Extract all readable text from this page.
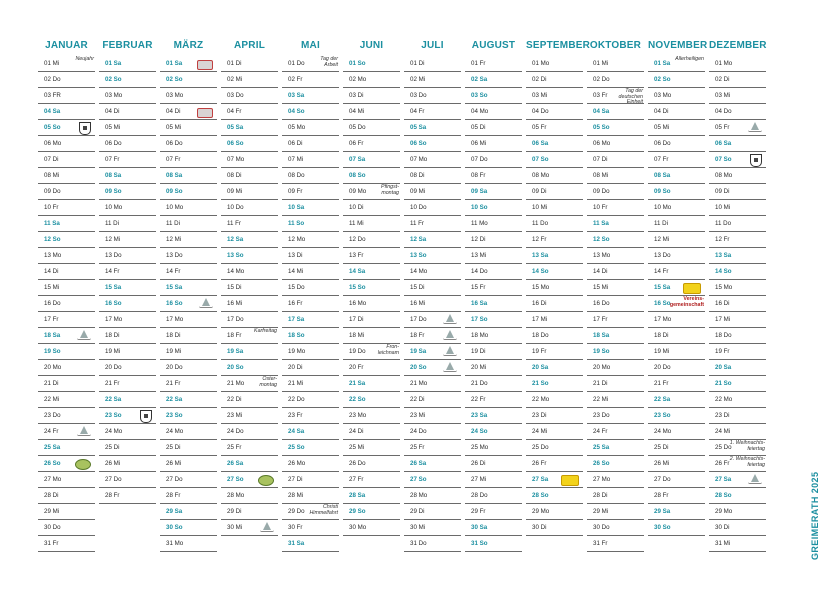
JANUAR
01 Mi
Neujahr
02 Do
03 FR
04 Sa
05 So
06 Mo
07 Di
08 Mi
09 Do
10 Fr
11 Sa
12 So
13 Mo
14 Di
15 Mi
16 Do
17 Fr
18 Sa
19 So
20 Mo
21 Di
22 Mi
23 Do
24 Fr
25 Sa
26 So
27 Mo
28 Di
29 Mi
30 Do
31 Fr
FEBRUAR
01 Sa
02 So
03 Mo
04 Di
05 Mi
06 Do
07 Fr
08 Sa
09 So
10 Mo
11 Di
12 Mi
13 Do
14 Fr
15 Sa
16 So
17 Mo
18 Di
19 Mi
20 Do
21 Fr
22 Sa
23 So
24 Mo
25 Di
26 Mi
27 Do
28 Fr
MÄRZ
01 Sa
02 So
03 Mo
04 Di
05 Mi
06 Do
07 Fr
08 Sa
09 So
10 Mo
11 Di
12 Mi
13 Do
14 Fr
15 Sa
16 So
17 Mo
18 Di
19 Mi
20 Do
21 Fr
22 Sa
23 So
24 Mo
25 Di
26 Mi
27 Do
28 Fr
29 Sa
30 So
31 Mo
APRIL
01 Di
02 Mi
03 Do
04 Fr
05 Sa
06 So
07 Mo
08 Di
09 Mi
10 Do
11 Fr
12 Sa
13 So
14 Mo
15 Di
16 Mi
17 Do
18 Fr
Karfreitag
19 Sa
20 So
21 Mo
Oster-
montag
22 Di
23 Mi
24 Do
25 Fr
26 Sa
27 So
28 Mo
29 Di
30 Mi
MAI
01 Do
Tag der
Arbeit
02 Fr
03 Sa
04 So
05 Mo
06 Di
07 Mi
08 Do
09 Fr
10 Sa
11 So
12 Mo
13 Di
14 Mi
15 Do
16 Fr
17 Sa
18 So
19 Mo
20 Di
21 Mi
22 Do
23 Fr
24 Sa
25 So
26 Mo
27 Di
28 Mi
29 Do
Christi
Himmelfahrt
30 Fr
31 Sa
JUNI
01 So
02 Mo
03 Di
04 Mi
05 Do
06 Fr
07 Sa
08 So
09 Mo
Pfingst-
montag
10 Di
11 Mi
12 Do
13 Fr
14 Sa
15 So
16 Mo
17 Di
18 Mi
19 Do
Fron-
leichnam
20 Fr
21 Sa
22 So
23 Mo
24 Di
25 Mi
26 Do
27 Fr
28 Sa
29 So
30 Mo
JULI
01 Di
02 Mi
03 Do
04 Fr
05 Sa
06 So
07 Mo
08 Di
09 Mi
10 Do
11 Fr
12 Sa
13 So
14 Mo
15 Di
16 Mi
17 Do
18 Fr
19 Sa
20 So
21 Mo
22 Di
23 Mi
24 Do
25 Fr
26 Sa
27 So
28 Mo
29 Di
30 Mi
31 Do
AUGUST
01 Fr
02 Sa
03 So
04 Mo
05 Di
06 Mi
07 Do
08 Fr
09 Sa
10 So
11 Mo
12 Di
13 Mi
14 Do
15 Fr
16 Sa
17 So
18 Mo
19 Di
20 Mi
21 Do
22 Fr
23 Sa
24 So
25 Mo
26 Di
27 Mi
28 Do
29 Fr
30 Sa
31 So
SEPTEMBER
01 Mo
02 Di
03 Mi
04 Do
05 Fr
06 Sa
07 So
08 Mo
09 Di
10 Mi
11 Do
12 Fr
13 Sa
14 So
15 Mo
16 Di
17 Mi
18 Do
19 Fr
20 Sa
21 So
22 Mo
23 Di
24 Mi
25 Do
26 Fr
27 Sa
28 So
29 Mo
30 Di
OKTOBER
01 Mi
02 Do
03 Fr
Tag der
deutschen
Einheit
04 Sa
05 So
06 Mo
07 Di
08 Mi
09 Do
10 Fr
11 Sa
12 So
13 Mo
14 Di
15 Mi
16 Do
17 Fr
18 Sa
19 So
20 Mo
21 Di
22 Mi
23 Do
24 Fr
25 Sa
26 So
27 Mo
28 Di
29 Mi
30 Do
31 Fr
NOVEMBER
01 Sa
Allerheiligen
02 So
03 Mo
04 Di
05 Mi
06 Do
07 Fr
08 Sa
09 So
10 Mo
11 Di
12 Mi
13 Do
14 Fr
15 Sa
16 So
Vereins-
gemeinschaft
17 Mo
18 Di
19 Mi
20 Do
21 Fr
22 Sa
23 So
24 Mo
25 Di
26 Mi
27 Do
28 Fr
29 Sa
30 So
DEZEMBER
01 Mo
02 Di
03 Mi
04 Do
05 Fr
06 Sa
07 So
08 Mo
09 Di
10 Mi
11 Do
12 Fr
13 Sa
14 So
15 Mo
16 Di
17 Mi
18 Do
19 Fr
20 Sa
21 So
22 Mo
23 Di
24 Mi
25 Do
1. Weihnachts-
feiertag
26 Fr
2. Weihnachts-
feiertag
27 Sa
28 So
29 Mo
30 Di
31 Mi	GREIMERATH 2025
